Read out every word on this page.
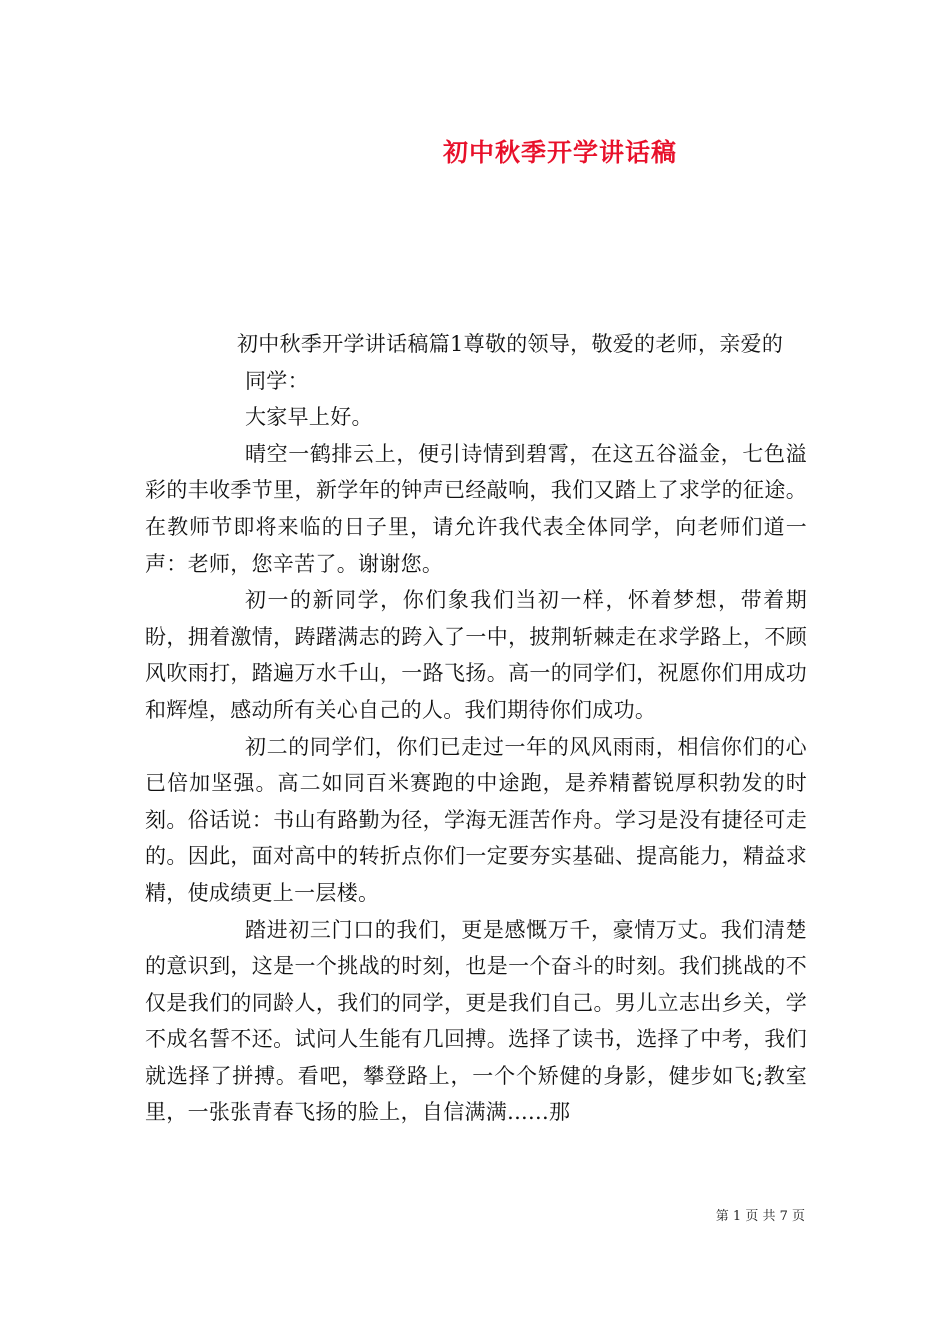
初中秋季开学讲话稿

初中秋季开学讲话稿篇1尊敬的领导，敬爱的老师，亲爱的

同学：

大家早上好。

晴空一鹤排云上，便引诗情到碧霄，在这五谷溢金，七色溢彩的丰收季节里，新学年的钟声已经敲响，我们又踏上了求学的征途。在教师节即将来临的日子里，请允许我代表全体同学，向老师们道一声：老师，您辛苦了。谢谢您。

初一的新同学，你们象我们当初一样，怀着梦想，带着期盼，拥着激情，踌躇满志的跨入了一中，披荆斩棘走在求学路上，不顾风吹雨打，踏遍万水千山，一路飞扬。高一的同学们，祝愿你们用成功和辉煌，感动所有关心自己的人。我们期待你们成功。

初二的同学们，你们已走过一年的风风雨雨，相信你们的心已倍加坚强。高二如同百米赛跑的中途跑，是养精蓄锐厚积勃发的时刻。俗话说：书山有路勤为径，学海无涯苦作舟。学习是没有捷径可走的。因此，面对高中的转折点你们一定要夯实基础、提高能力，精益求精，使成绩更上一层楼。

踏进初三门口的我们，更是感慨万千，豪情万丈。我们清楚的意识到，这是一个挑战的时刻，也是一个奋斗的时刻。我们挑战的不仅是我们的同龄人，我们的同学，更是我们自己。男儿立志出乡关，学不成名誓不还。试问人生能有几回搏。选择了读书，选择了中考，我们就选择了拼搏。看吧，攀登路上，一个个矫健的身影，健步如飞;教室里，一张张青春飞扬的脸上，自信满满......那

第 1 页 共 7 页
